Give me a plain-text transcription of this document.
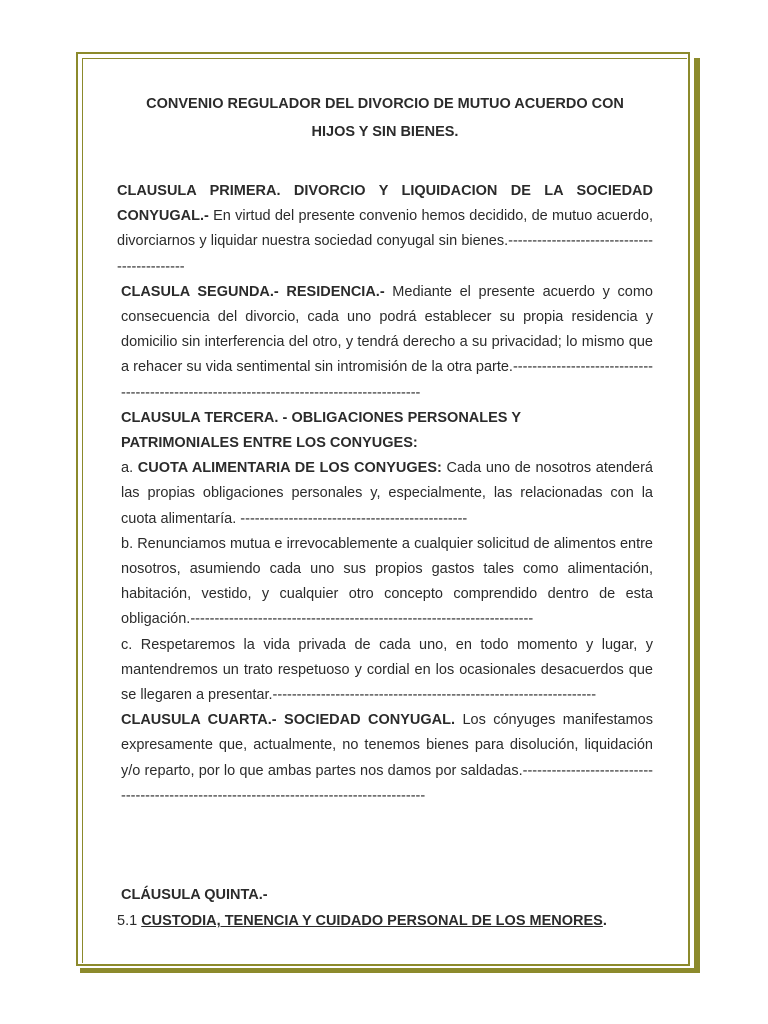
CONVENIO REGULADOR DEL DIVORCIO DE MUTUO ACUERDO CON
HIJOS Y SIN BIENES.

CLAUSULA PRIMERA. DIVORCIO Y LIQUIDACION DE LA SOCIEDAD CONYUGAL.- En virtud del presente convenio hemos decidido, de mutuo acuerdo, divorciarnos y liquidar nuestra sociedad conyugal sin bienes.--------------------------------------------

CLASULA SEGUNDA.- RESIDENCIA.- Mediante el presente acuerdo y como consecuencia del divorcio, cada uno podrá establecer su propia residencia y domicilio sin interferencia del otro, y tendrá derecho a su privacidad; lo mismo que a rehacer su vida sentimental sin intromisión de la otra parte.-------------------------------------------------------------------------------------------

CLAUSULA TERCERA. - OBLIGACIONES PERSONALES Y PATRIMONIALES ENTRE LOS CONYUGES:

a. CUOTA ALIMENTARIA DE LOS CONYUGES: Cada uno de nosotros atenderá las propias obligaciones personales y, especialmente, las relacionadas con la cuota alimentaría. -----------------------------------------------

b. Renunciamos mutua e irrevocablemente a cualquier solicitud de alimentos entre nosotros, asumiendo cada uno sus propios gastos tales como alimentación, habitación, vestido, y cualquier otro concepto comprendido dentro de esta obligación.-----------------------------------------------------------------------

c. Respetaremos la vida privada de cada uno, en todo momento y lugar, y mantendremos un trato respetuoso y cordial en los ocasionales desacuerdos que se llegaren a presentar.-------------------------------------------------------------------

CLAUSULA CUARTA.- SOCIEDAD CONYUGAL. Los cónyuges manifestamos expresamente que, actualmente, no tenemos bienes para disolución, liquidación y/o reparto, por lo que ambas partes nos damos por saldadas.------------------------------------------------------------------------------------------

CLÁUSULA QUINTA.-

5.1 CUSTODIA, TENENCIA Y CUIDADO PERSONAL DE LOS MENORES.
